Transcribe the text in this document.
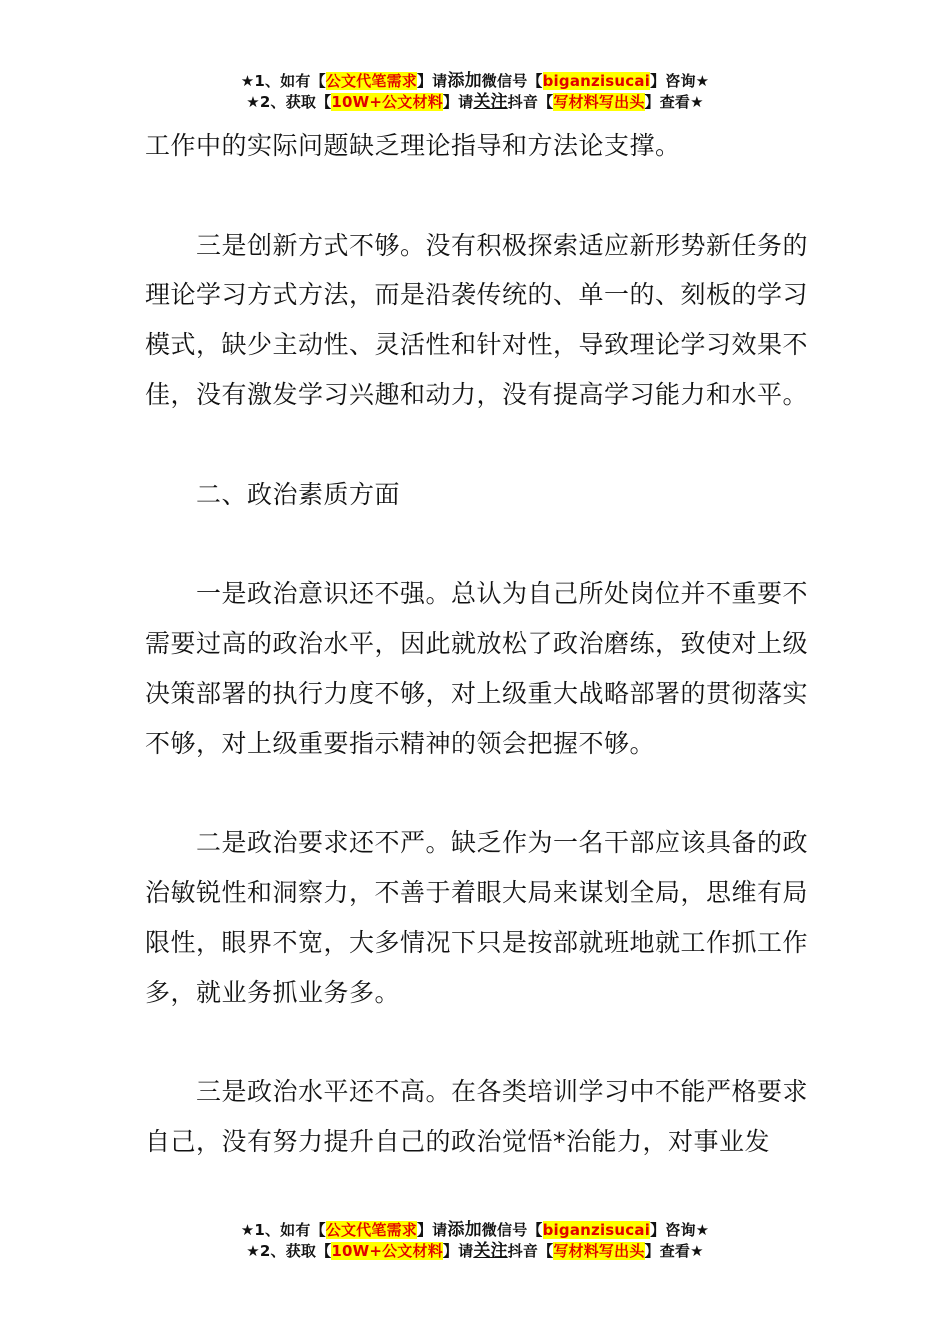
★1、如有【公文代笔需求】请添加微信号【biganzisucai】咨询★
★2、获取【10W+公文材料】请关注抖音【写材料写出头】查看★

工作中的实际问题缺乏理论指导和方法论支撑。

三是创新方式不够。没有积极探索适应新形势新任务的理论学习方式方法，而是沿袭传统的、单一的、刻板的学习模式，缺少主动性、灵活性和针对性，导致理论学习效果不佳，没有激发学习兴趣和动力，没有提高学习能力和水平。

二、政治素质方面

一是政治意识还不强。总认为自己所处岗位并不重要不需要过高的政治水平，因此就放松了政治磨练，致使对上级决策部署的执行力度不够，对上级重大战略部署的贯彻落实不够，对上级重要指示精神的领会把握不够。

二是政治要求还不严。缺乏作为一名干部应该具备的政治敏锐性和洞察力，不善于着眼大局来谋划全局，思维有局限性，眼界不宽，大多情况下只是按部就班地就工作抓工作多，就业务抓业务多。

三是政治水平还不高。在各类培训学习中不能严格要求自己，没有努力提升自己的政治觉悟*治能力，对事业发

★1、如有【公文代笔需求】请添加微信号【biganzisucai】咨询★
★2、获取【10W+公文材料】请关注抖音【写材料写出头】查看★
